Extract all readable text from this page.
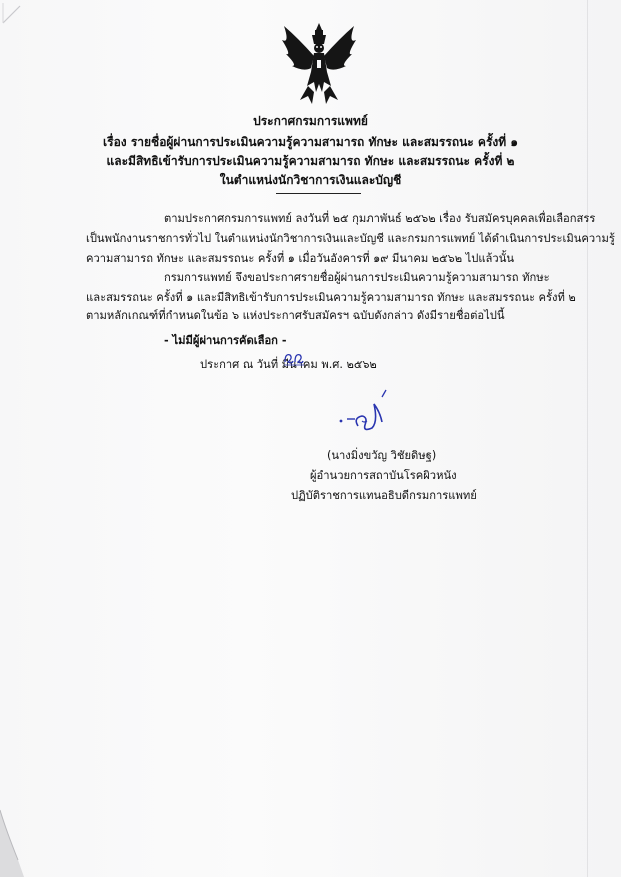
ประกาศกรมการแพทย์
เรื่อง รายชื่อผู้ผ่านการประเมินความรู้ความสามารถ ทักษะ และสมรรถนะ ครั้งที่ ๑
และมีสิทธิเข้ารับการประเมินความรู้ความสามารถ ทักษะ และสมรรถนะ ครั้งที่ ๒
ในตำแหน่งนักวิชาการเงินและบัญชี
ตามประกาศกรมการแพทย์ ลงวันที่ ๒๕ กุมภาพันธ์ ๒๕๖๒ เรื่อง รับสมัครบุคคลเพื่อเลือกสรร
เป็นพนักงานราชการทั่วไป ในตำแหน่งนักวิชาการเงินและบัญชี และกรมการแพทย์ ได้ดำเนินการประเมินความรู้
ความสามารถ ทักษะ และสมรรถนะ ครั้งที่ ๑ เมื่อวันอังคารที่ ๑๙ มีนาคม ๒๕๖๒ ไปแล้วนั้น
กรมการแพทย์ จึงขอประกาศรายชื่อผู้ผ่านการประเมินความรู้ความสามารถ ทักษะ
และสมรรถนะ ครั้งที่ ๑ และมีสิทธิเข้ารับการประเมินความรู้ความสามารถ ทักษะ และสมรรถนะ ครั้งที่ ๒
ตามหลักเกณฑ์ที่กำหนดในข้อ ๖ แห่งประกาศรับสมัครฯ ฉบับดังกล่าว ดังมีรายชื่อต่อไปนี้
- ไม่มีผู้ผ่านการคัดเลือก -
ประกาศ ณ วันที่ มีนาคม พ.ศ. ๒๕๖๒
(นางมิ่งขวัญ วิชัยดิษฐ)
ผู้อำนวยการสถาบันโรคผิวหนัง
ปฏิบัติราชการแทนอธิบดีกรมการแพทย์
